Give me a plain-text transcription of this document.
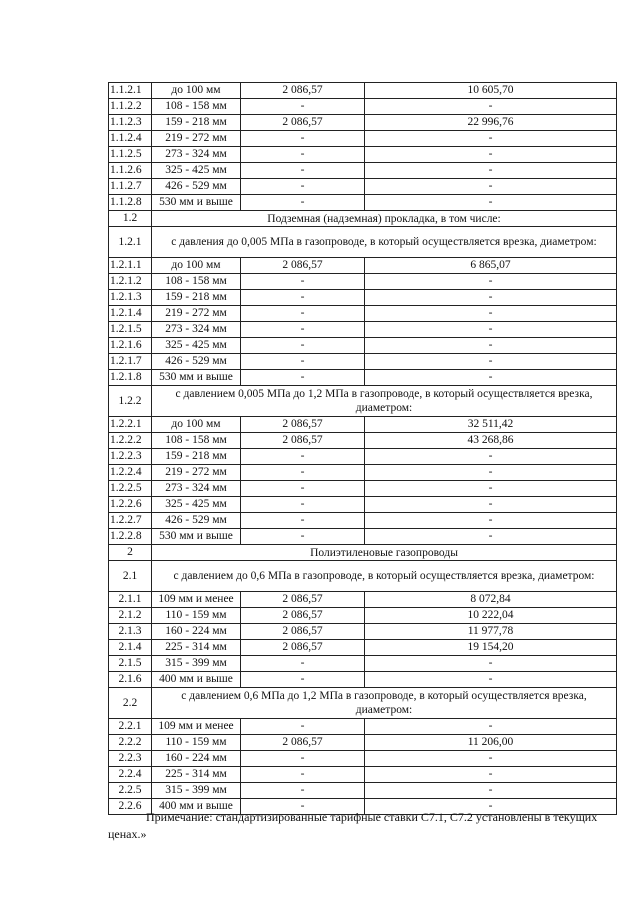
1.1.2.1	до 100 мм	2 086,57	10 605,70
1.1.2.2	108 - 158 мм	-	-
1.1.2.3	159 - 218 мм	2 086,57	22 996,76
1.1.2.4	219 - 272 мм	-	-
1.1.2.5	273 - 324 мм	-	-
1.1.2.6	325 - 425 мм	-	-
1.1.2.7	426 - 529 мм	-	-
1.1.2.8	530 мм и выше	-	-
1.2	Подземная (надземная) прокладка, в том числе:		
1.2.1	с давления до 0,005 МПа в газопроводе, в который осуществляется врезка, диаметром:		
1.2.1.1	до 100 мм	2 086,57	6 865,07
1.2.1.2	108 - 158 мм	-	-
1.2.1.3	159 - 218 мм	-	-
1.2.1.4	219 - 272 мм	-	-
1.2.1.5	273 - 324 мм	-	-
1.2.1.6	325 - 425 мм	-	-
1.2.1.7	426 - 529 мм	-	-
1.2.1.8	530 мм и выше	-	-
1.2.2	с давлением 0,005 МПа до 1,2 МПа в газопроводе, в который осуществляется врезка, диаметром:		
1.2.2.1	до 100 мм	2 086,57	32 511,42
1.2.2.2	108 - 158 мм	2 086,57	43 268,86
1.2.2.3	159 - 218 мм	-	-
1.2.2.4	219 - 272 мм	-	-
1.2.2.5	273 - 324 мм	-	-
1.2.2.6	325 - 425 мм	-	-
1.2.2.7	426 - 529 мм	-	-
1.2.2.8	530 мм и выше	-	-
2	Полиэтиленовые газопроводы		
2.1	с давлением до 0,6 МПа в газопроводе, в который осуществляется врезка, диаметром:		
2.1.1	109 мм и менее	2 086,57	8 072,84
2.1.2	110 - 159 мм	2 086,57	10 222,04
2.1.3	160 - 224 мм	2 086,57	11 977,78
2.1.4	225 - 314 мм	2 086,57	19 154,20
2.1.5	315 - 399 мм	-	-
2.1.6	400 мм и выше	-	-
2.2	с давлением 0,6 МПа до 1,2 МПа в газопроводе, в который осуществляется врезка, диаметром:		
2.2.1	109 мм и менее	-	-
2.2.2	110 - 159 мм	2 086,57	11 206,00
2.2.3	160 - 224 мм	-	-
2.2.4	225 - 314 мм	-	-
2.2.5	315 - 399 мм	-	-
2.2.6	400 мм и выше	-	-

Примечание: стандартизированные тарифные ставки C7.1, C7.2 установлены в текущих ценах.»
